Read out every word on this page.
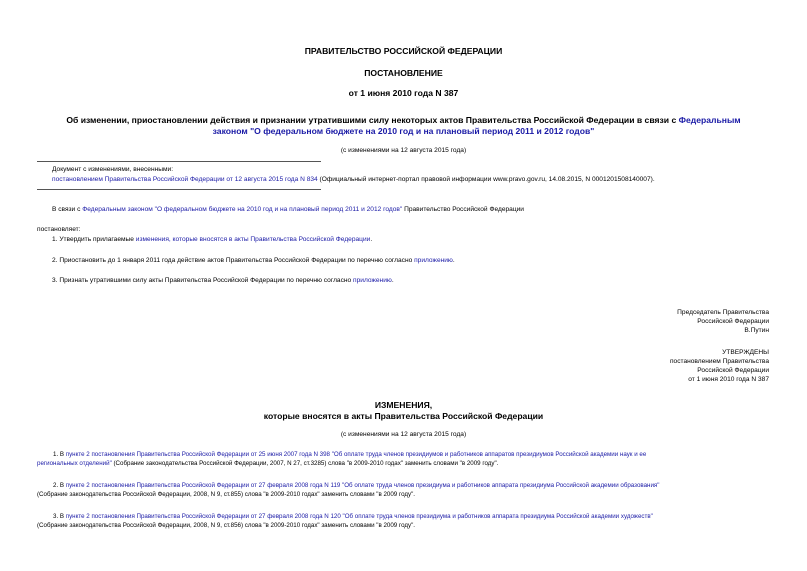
ПРАВИТЕЛЬСТВО РОССИЙСКОЙ ФЕДЕРАЦИИ
ПОСТАНОВЛЕНИЕ
от 1 июня 2010 года N 387
Об изменении, приостановлении действия и признании утратившими силу некоторых актов Правительства Российской Федерации в связи с Федеральным
законом "О федеральном бюджете на 2010 год и на плановый период 2011 и 2012 годов"
(с изменениями на 12 августа 2015 года)
Документ с изменениями, внесенными:
постановлением Правительства Российской Федерации от 12 августа 2015 года N 834 (Официальный интернет-портал правовой информации www.pravo.gov.ru, 14.08.2015, N 0001201508140007).
В связи с Федеральным законом "О федеральном бюджете на 2010 год и на плановый период 2011 и 2012 годов" Правительство Российской Федерации
постановляет:
1. Утвердить прилагаемые изменения, которые вносятся в акты Правительства Российской Федерации.
2. Приостановить до 1 января 2011 года действие актов Правительства Российской Федерации по перечню согласно приложению.
3. Признать утратившими силу акты Правительства Российской Федерации по перечню согласно приложению.
Председатель Правительства
Российской Федерации
В.Путин
УТВЕРЖДЕНЫ
постановлением Правительства
Российской Федерации
от 1 июня 2010 года N 387
ИЗМЕНЕНИЯ,
которые вносятся в акты Правительства Российской Федерации
(с изменениями на 12 августа 2015 года)
1. В пункте 2 постановления Правительства Российской Федерации от 25 июня 2007 года N 398 "Об оплате труда членов президиумов и работников аппаратов президиумов Российской академии наук и ее
региональных отделений" (Собрание законодательства Российской Федерации, 2007, N 27, ст.3285) слова "в 2009-2010 годах" заменить словами "в 2009 году".
2. В пункте 2 постановления Правительства Российской Федерации от 27 февраля 2008 года N 119 "Об оплате труда членов президиума и работников аппарата президиума Российской академии образования"
(Собрание законодательства Российской Федерации, 2008, N 9, ст.855) слова "в 2009-2010 годах" заменить словами "в 2009 году".
3. В пункте 2 постановления Правительства Российской Федерации от 27 февраля 2008 года N 120 "Об оплате труда членов президиума и работников аппарата президиума Российской академии художеств"
(Собрание законодательства Российской Федерации, 2008, N 9, ст.856) слова "в 2009-2010 годах" заменить словами "в 2009 году".
